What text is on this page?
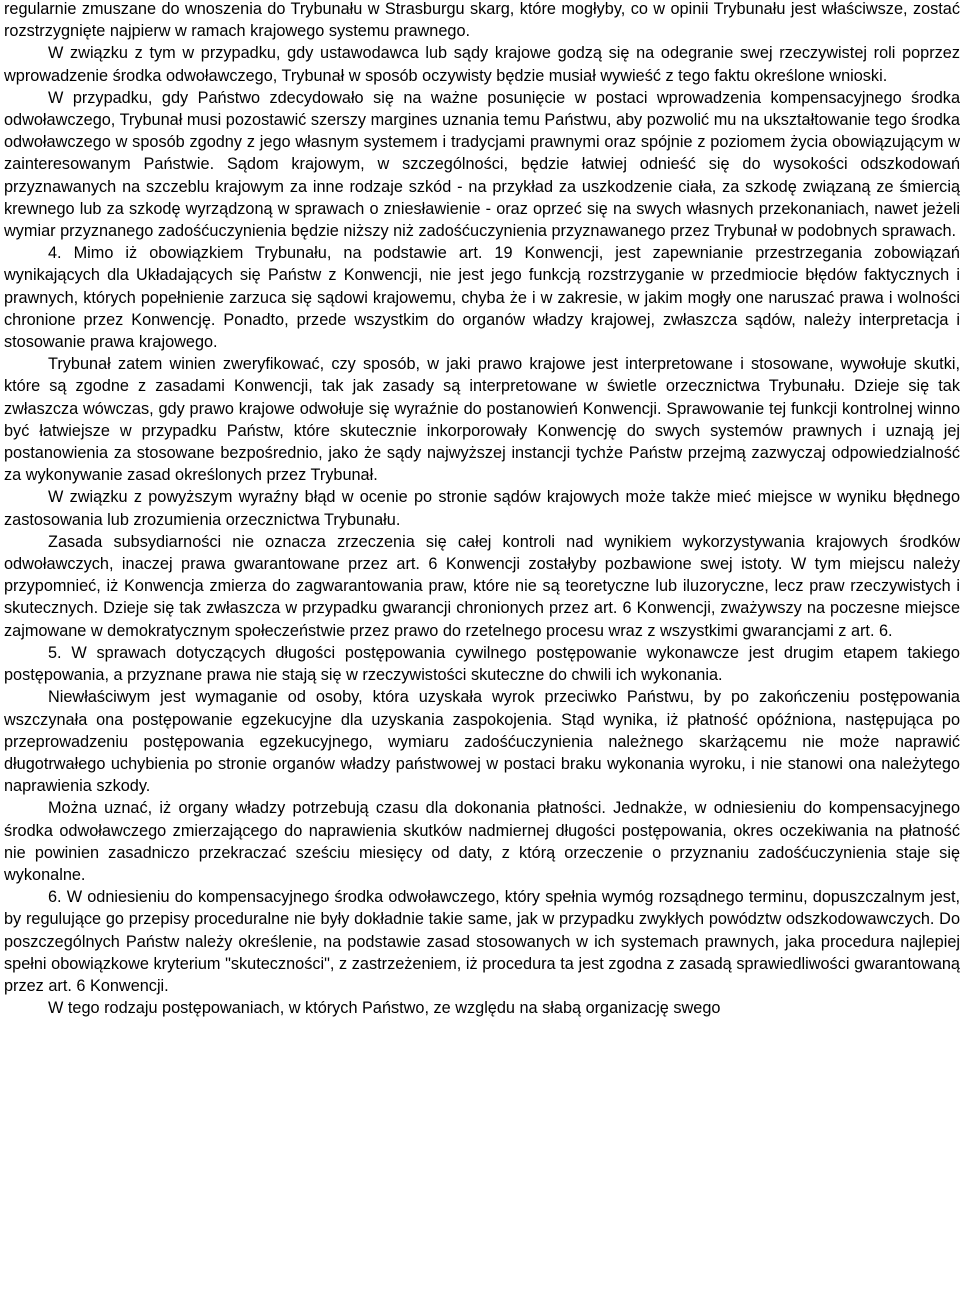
regularnie zmuszane do wnoszenia do Trybunału w Strasburgu skarg, które mogłyby, co w opinii Trybunału jest właściwsze, zostać rozstrzygnięte najpierw w ramach krajowego systemu prawnego.

W związku z tym w przypadku, gdy ustawodawca lub sądy krajowe godzą się na odegranie swej rzeczywistej roli poprzez wprowadzenie środka odwoławczego, Trybunał w sposób oczywisty będzie musiał wywieść z tego faktu określone wnioski.

W przypadku, gdy Państwo zdecydowało się na ważne posunięcie w postaci wprowadzenia kompensacyjnego środka odwoławczego, Trybunał musi pozostawić szerszy margines uznania temu Państwu, aby pozwolić mu na ukształtowanie tego środka odwoławczego w sposób zgodny z jego własnym systemem i tradycjami prawnymi oraz spójnie z poziomem życia obowiązującym w zainteresowanym Państwie. Sądom krajowym, w szczególności, będzie łatwiej odnieść się do wysokości odszkodowań przyznawanych na szczeblu krajowym za inne rodzaje szkód - na przykład za uszkodzenie ciała, za szkodę związaną ze śmiercią krewnego lub za szkodę wyrządzoną w sprawach o zniesławienie - oraz oprzeć się na swych własnych przekonaniach, nawet jeżeli wymiar przyznanego zadośćuczynienia będzie niższy niż zadośćuczynienia przyznawanego przez Trybunał w podobnych sprawach.

4. Mimo iż obowiązkiem Trybunału, na podstawie art. 19 Konwencji, jest zapewnianie przestrzegania zobowiązań wynikających dla Układających się Państw z Konwencji, nie jest jego funkcją rozstrzyganie w przedmiocie błędów faktycznych i prawnych, których popełnienie zarzuca się sądowi krajowemu, chyba że i w zakresie, w jakim mogły one naruszać prawa i wolności chronione przez Konwencję. Ponadto, przede wszystkim do organów władzy krajowej, zwłaszcza sądów, należy interpretacja i stosowanie prawa krajowego.

Trybunał zatem winien zweryfikować, czy sposób, w jaki prawo krajowe jest interpretowane i stosowane, wywołuje skutki, które są zgodne z zasadami Konwencji, tak jak zasady są interpretowane w świetle orzecznictwa Trybunału. Dzieje się tak zwłaszcza wówczas, gdy prawo krajowe odwołuje się wyraźnie do postanowień Konwencji. Sprawowanie tej funkcji kontrolnej winno być łatwiejsze w przypadku Państw, które skutecznie inkorporowały Konwencję do swych systemów prawnych i uznają jej postanowienia za stosowane bezpośrednio, jako że sądy najwyższej instancji tychże Państw przejmą zazwyczaj odpowiedzialność za wykonywanie zasad określonych przez Trybunał.

W związku z powyższym wyraźny błąd w ocenie po stronie sądów krajowych może także mieć miejsce w wyniku błędnego zastosowania lub zrozumienia orzecznictwa Trybunału.

Zasada subsydiarności nie oznacza zrzeczenia się całej kontroli nad wynikiem wykorzystywania krajowych środków odwoławczych, inaczej prawa gwarantowane przez art. 6 Konwencji zostałyby pozbawione swej istoty. W tym miejscu należy przypomnieć, iż Konwencja zmierza do zagwarantowania praw, które nie są teoretyczne lub iluzoryczne, lecz praw rzeczywistych i skutecznych. Dzieje się tak zwłaszcza w przypadku gwarancji chronionych przez art. 6 Konwencji, zważywszy na poczesne miejsce zajmowane w demokratycznym społeczeństwie przez prawo do rzetelnego procesu wraz z wszystkimi gwarancjami z art. 6.

5. W sprawach dotyczących długości postępowania cywilnego postępowanie wykonawcze jest drugim etapem takiego postępowania, a przyznane prawa nie stają się w rzeczywistości skuteczne do chwili ich wykonania.

Niewłaściwym jest wymaganie od osoby, która uzyskała wyrok przeciwko Państwu, by po zakończeniu postępowania wszczynała ona postępowanie egzekucyjne dla uzyskania zaspokojenia. Stąd wynika, iż płatność opóźniona, następująca po przeprowadzeniu postępowania egzekucyjnego, wymiaru zadośćuczynienia należnego skarżącemu nie może naprawić długotrwałego uchybienia po stronie organów władzy państwowej w postaci braku wykonania wyroku, i nie stanowi ona należytego naprawienia szkody.

Można uznać, iż organy władzy potrzebują czasu dla dokonania płatności. Jednakże, w odniesieniu do kompensacyjnego środka odwoławczego zmierzającego do naprawienia skutków nadmiernej długości postępowania, okres oczekiwania na płatność nie powinien zasadniczo przekraczać sześciu miesięcy od daty, z którą orzeczenie o przyznaniu zadośćuczynienia staje się wykonalne.

6. W odniesieniu do kompensacyjnego środka odwoławczego, który spełnia wymóg rozsądnego terminu, dopuszczalnym jest, by regulujące go przepisy proceduralne nie były dokładnie takie same, jak w przypadku zwykłych powództw odszkodowawczych. Do poszczególnych Państw należy określenie, na podstawie zasad stosowanych w ich systemach prawnych, jaka procedura najlepiej spełni obowiązkowe kryterium "skuteczności", z zastrzeżeniem, iż procedura ta jest zgodna z zasadą sprawiedliwości gwarantowaną przez art. 6 Konwencji.

W tego rodzaju postępowaniach, w których Państwo, ze względu na słabą organizację swego
